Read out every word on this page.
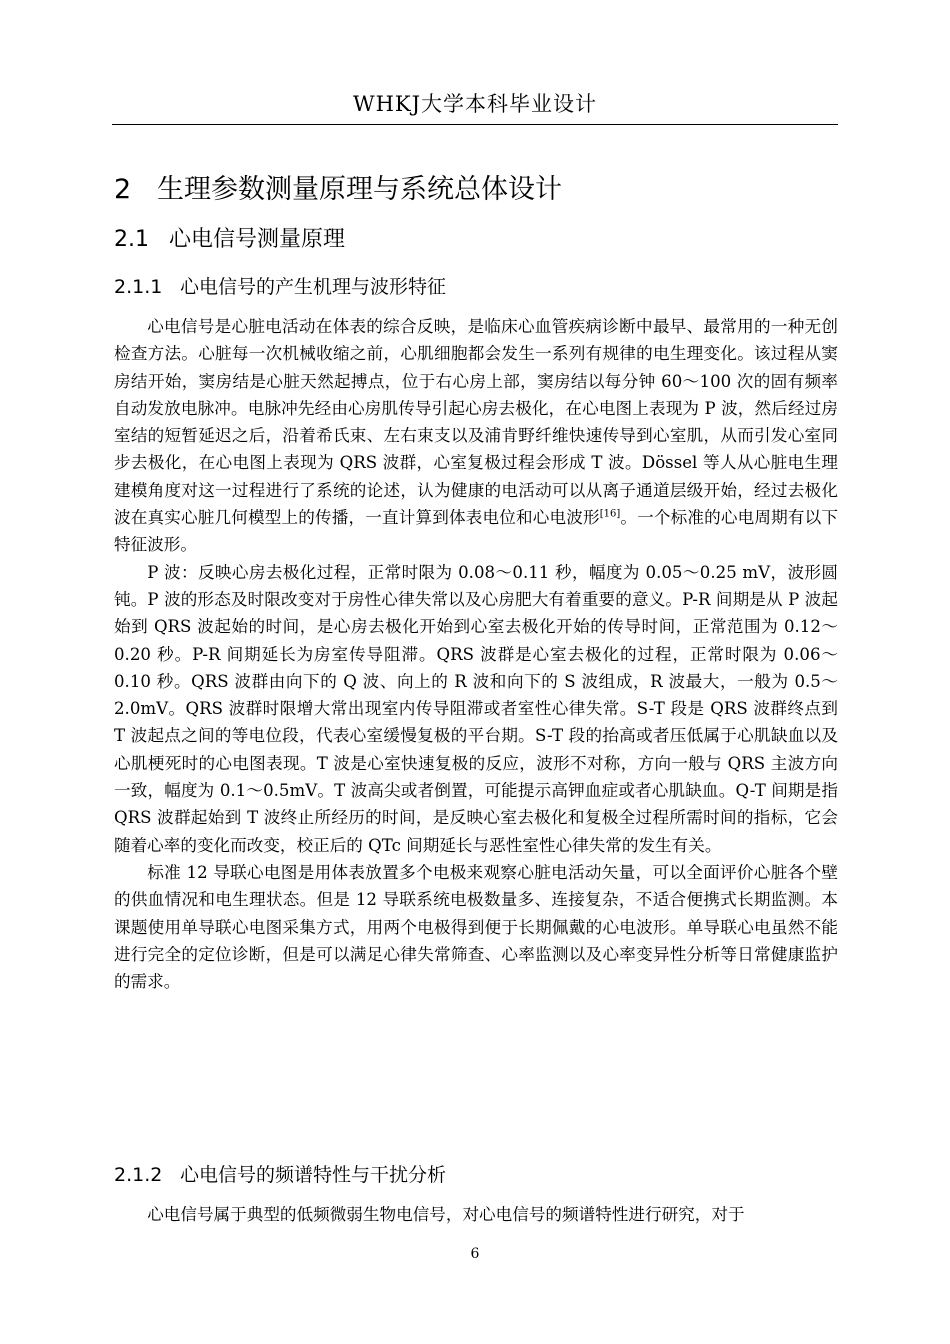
WHKJ大学本科毕业设计
2 生理参数测量原理与系统总体设计
2.1 心电信号测量原理
2.1.1 心电信号的产生机理与波形特征

心电信号是心脏电活动在体表的综合反映，是临床心血管疾病诊断中最早、最常用的一种无创检查方法。心脏每一次机械收缩之前，心肌细胞都会发生一系列有规律的电生理变化。该过程从窦房结开始，窦房结是心脏天然起搏点，位于右心房上部，窦房结以每分钟 60～100 次的固有频率自动发放电脉冲。电脉冲先经由心房肌传导引起心房去极化，在心电图上表现为 P 波，然后经过房室结的短暂延迟之后，沿着希氏束、左右束支以及浦肯野纤维快速传导到心室肌，从而引发心室同步去极化，在心电图上表现为 QRS 波群，心室复极过程会形成 T 波。Dössel 等人从心脏电生理建模角度对这一过程进行了系统的论述，认为健康的电活动可以从离子通道层级开始，经过去极化波在真实心脏几何模型上的传播，一直计算到体表电位和心电波形[16]。一个标准的心电周期有以下特征波形。

P 波：反映心房去极化过程，正常时限为 0.08～0.11 秒，幅度为 0.05～0.25 mV，波形圆钝。P 波的形态及时限改变对于房性心律失常以及心房肥大有着重要的意义。P-R 间期是从 P 波起始到 QRS 波起始的时间，是心房去极化开始到心室去极化开始的传导时间，正常范围为 0.12～0.20 秒。P-R 间期延长为房室传导阻滞。QRS 波群是心室去极化的过程，正常时限为 0.06～0.10 秒。QRS 波群由向下的 Q 波、向上的 R 波和向下的 S 波组成，R 波最大，一般为 0.5～2.0mV。QRS 波群时限增大常出现室内传导阻滞或者室性心律失常。S-T 段是 QRS 波群终点到 T 波起点之间的等电位段，代表心室缓慢复极的平台期。S-T 段的抬高或者压低属于心肌缺血以及心肌梗死时的心电图表现。T 波是心室快速复极的反应，波形不对称，方向一般与 QRS 主波方向一致，幅度为 0.1～0.5mV。T 波高尖或者倒置，可能提示高钾血症或者心肌缺血。Q-T 间期是指 QRS 波群起始到 T 波终止所经历的时间，是反映心室去极化和复极全过程所需时间的指标，它会随着心率的变化而改变，校正后的 QTc 间期延长与恶性室性心律失常的发生有关。

标准 12 导联心电图是用体表放置多个电极来观察心脏电活动矢量，可以全面评价心脏各个壁的供血情况和电生理状态。但是 12 导联系统电极数量多、连接复杂，不适合便携式长期监测。本课题使用单导联心电图采集方式，用两个电极得到便于长期佩戴的心电波形。单导联心电虽然不能进行完全的定位诊断，但是可以满足心律失常筛查、心率监测以及心率变异性分析等日常健康监护的需求。

2.1.2 心电信号的频谱特性与干扰分析

心电信号属于典型的低频微弱生物电信号，对心电信号的频谱特性进行研究，对于

6
